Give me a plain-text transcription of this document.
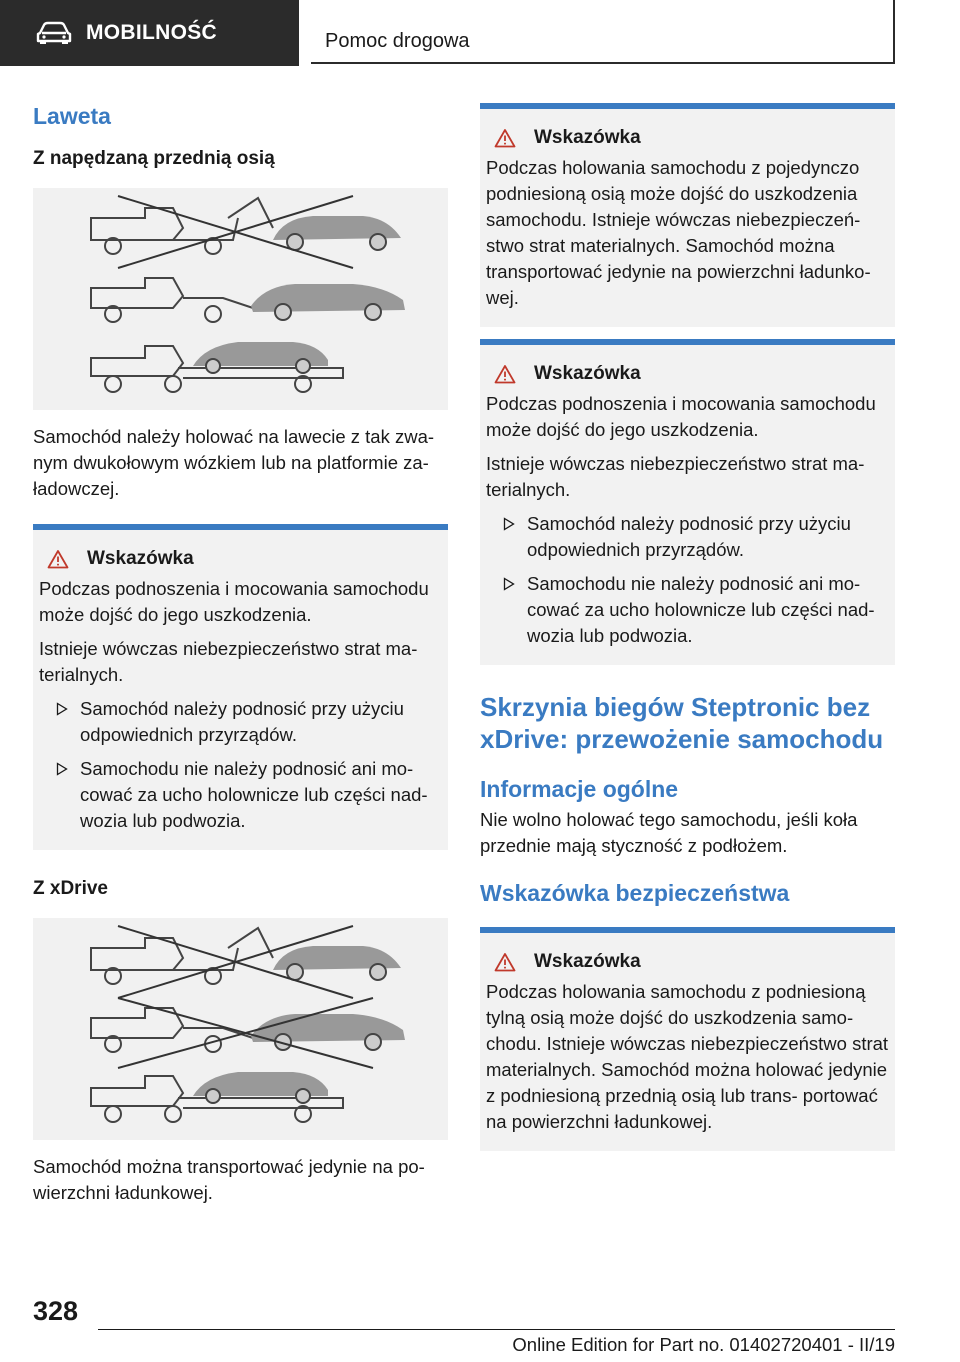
MOBILNOŚĆ	Pomoc drogowa
Laweta
Z napędzaną przednią osią

Samochód należy holować na lawecie z tak zwa- nym dwukołowym wózkiem lub na platformie za- ładowczej.

Wskazówka

Podczas podnoszenia i mocowania samochodu może dojść do jego uszkodzenia.

Istnieje wówczas niebezpieczeństwo strat ma- terialnych.

Samochód należy podnosić przy użyciu odpowiednich przyrządów.
Samochodu nie należy podnosić ani mo- cować za ucho holownicze lub części nad- wozia lub podwozia.
Z xDrive

Samochód można transportować jedynie na po- wierzchni ładunkowej.

Wskazówka

Podczas holowania samochodu z pojedynczo podniesioną osią może dojść do uszkodzenia samochodu. Istnieje wówczas niebezpieczeń- stwo strat materialnych. Samochód można transportować jedynie na powierzchni ładunko- wej.

Wskazówka

Podczas podnoszenia i mocowania samochodu może dojść do jego uszkodzenia.

Istnieje wówczas niebezpieczeństwo strat ma- terialnych.

Samochód należy podnosić przy użyciu odpowiednich przyrządów.
Samochodu nie należy podnosić ani mo- cować za ucho holownicze lub części nad- wozia lub podwozia.
Skrzynia biegów Steptronic bez xDrive: przewożenie samochodu
Informacje ogólne

Nie wolno holować tego samochodu, jeśli koła przednie mają styczność z podłożem.

Wskazówka bezpieczeństwa
Wskazówka

Podczas holowania samochodu z podniesioną tylną osią może dojść do uszkodzenia samo- chodu. Istnieje wówczas niebezpieczeństwo strat materialnych. Samochód można holować jedynie z podniesioną przednią osią lub trans- portować na powierzchni ładunkowej.

328
Online Edition for Part no. 01402720401 - II/19
